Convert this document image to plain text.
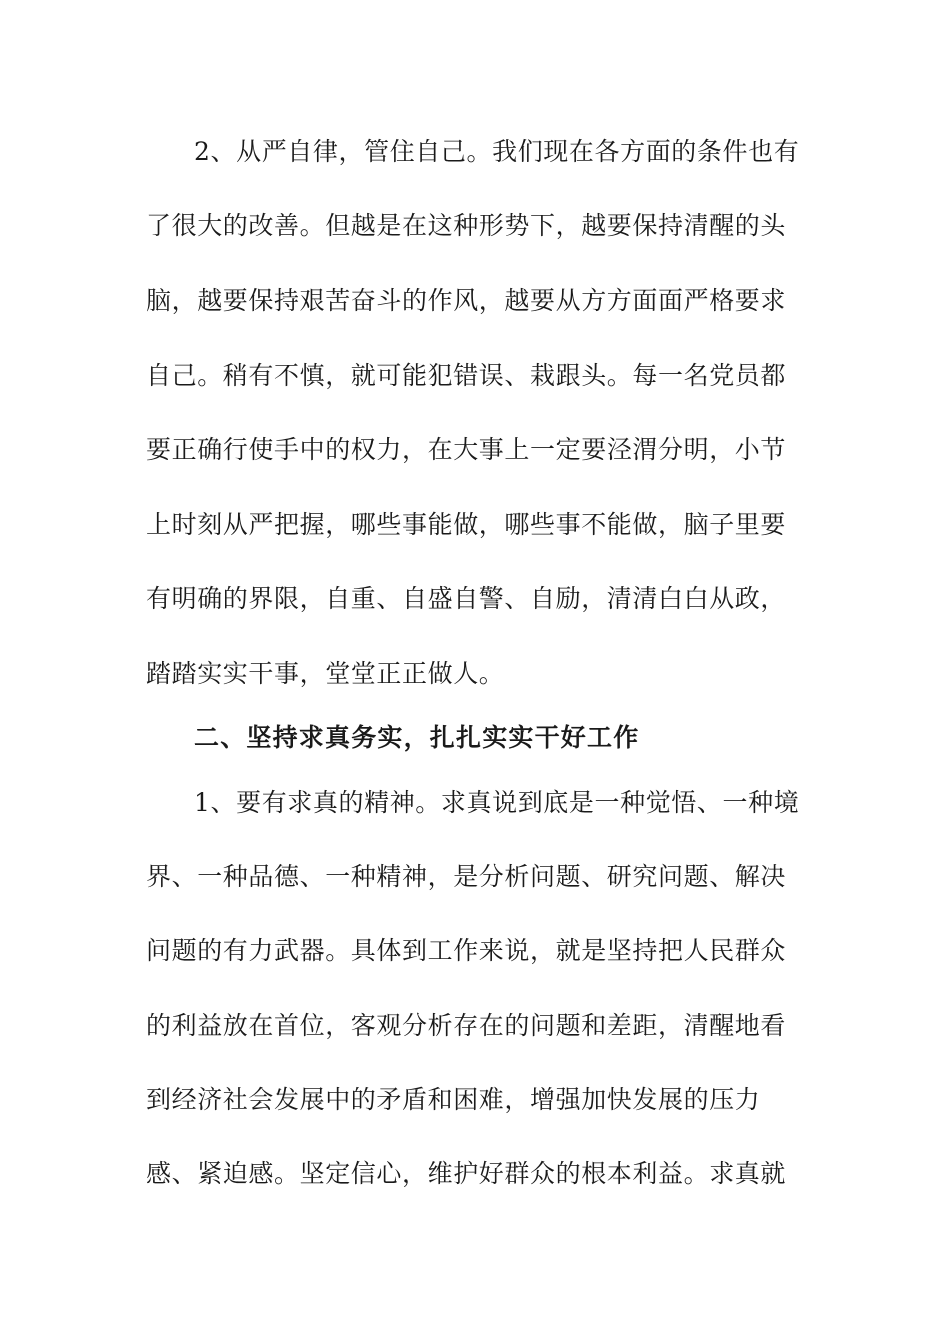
2、从严自律，管住自己。我们现在各方面的条件也有
了很大的改善。但越是在这种形势下，越要保持清醒的头
脑，越要保持艰苦奋斗的作风，越要从方方面面严格要求
自己。稍有不慎，就可能犯错误、栽跟头。每一名党员都
要正确行使手中的权力，在大事上一定要泾渭分明，小节
上时刻从严把握，哪些事能做，哪些事不能做，脑子里要
有明确的界限，自重、自盛自警、自励，清清白白从政，
踏踏实实干事，堂堂正正做人。
二、坚持求真务实，扎扎实实干好工作
1、要有求真的精神。求真说到底是一种觉悟、一种境
界、一种品德、一种精神，是分析问题、研究问题、解决
问题的有力武器。具体到工作来说，就是坚持把人民群众
的利益放在首位，客观分析存在的问题和差距，清醒地看
到经济社会发展中的矛盾和困难，增强加快发展的压力
感、紧迫感。坚定信心，维护好群众的根本利益。求真就
